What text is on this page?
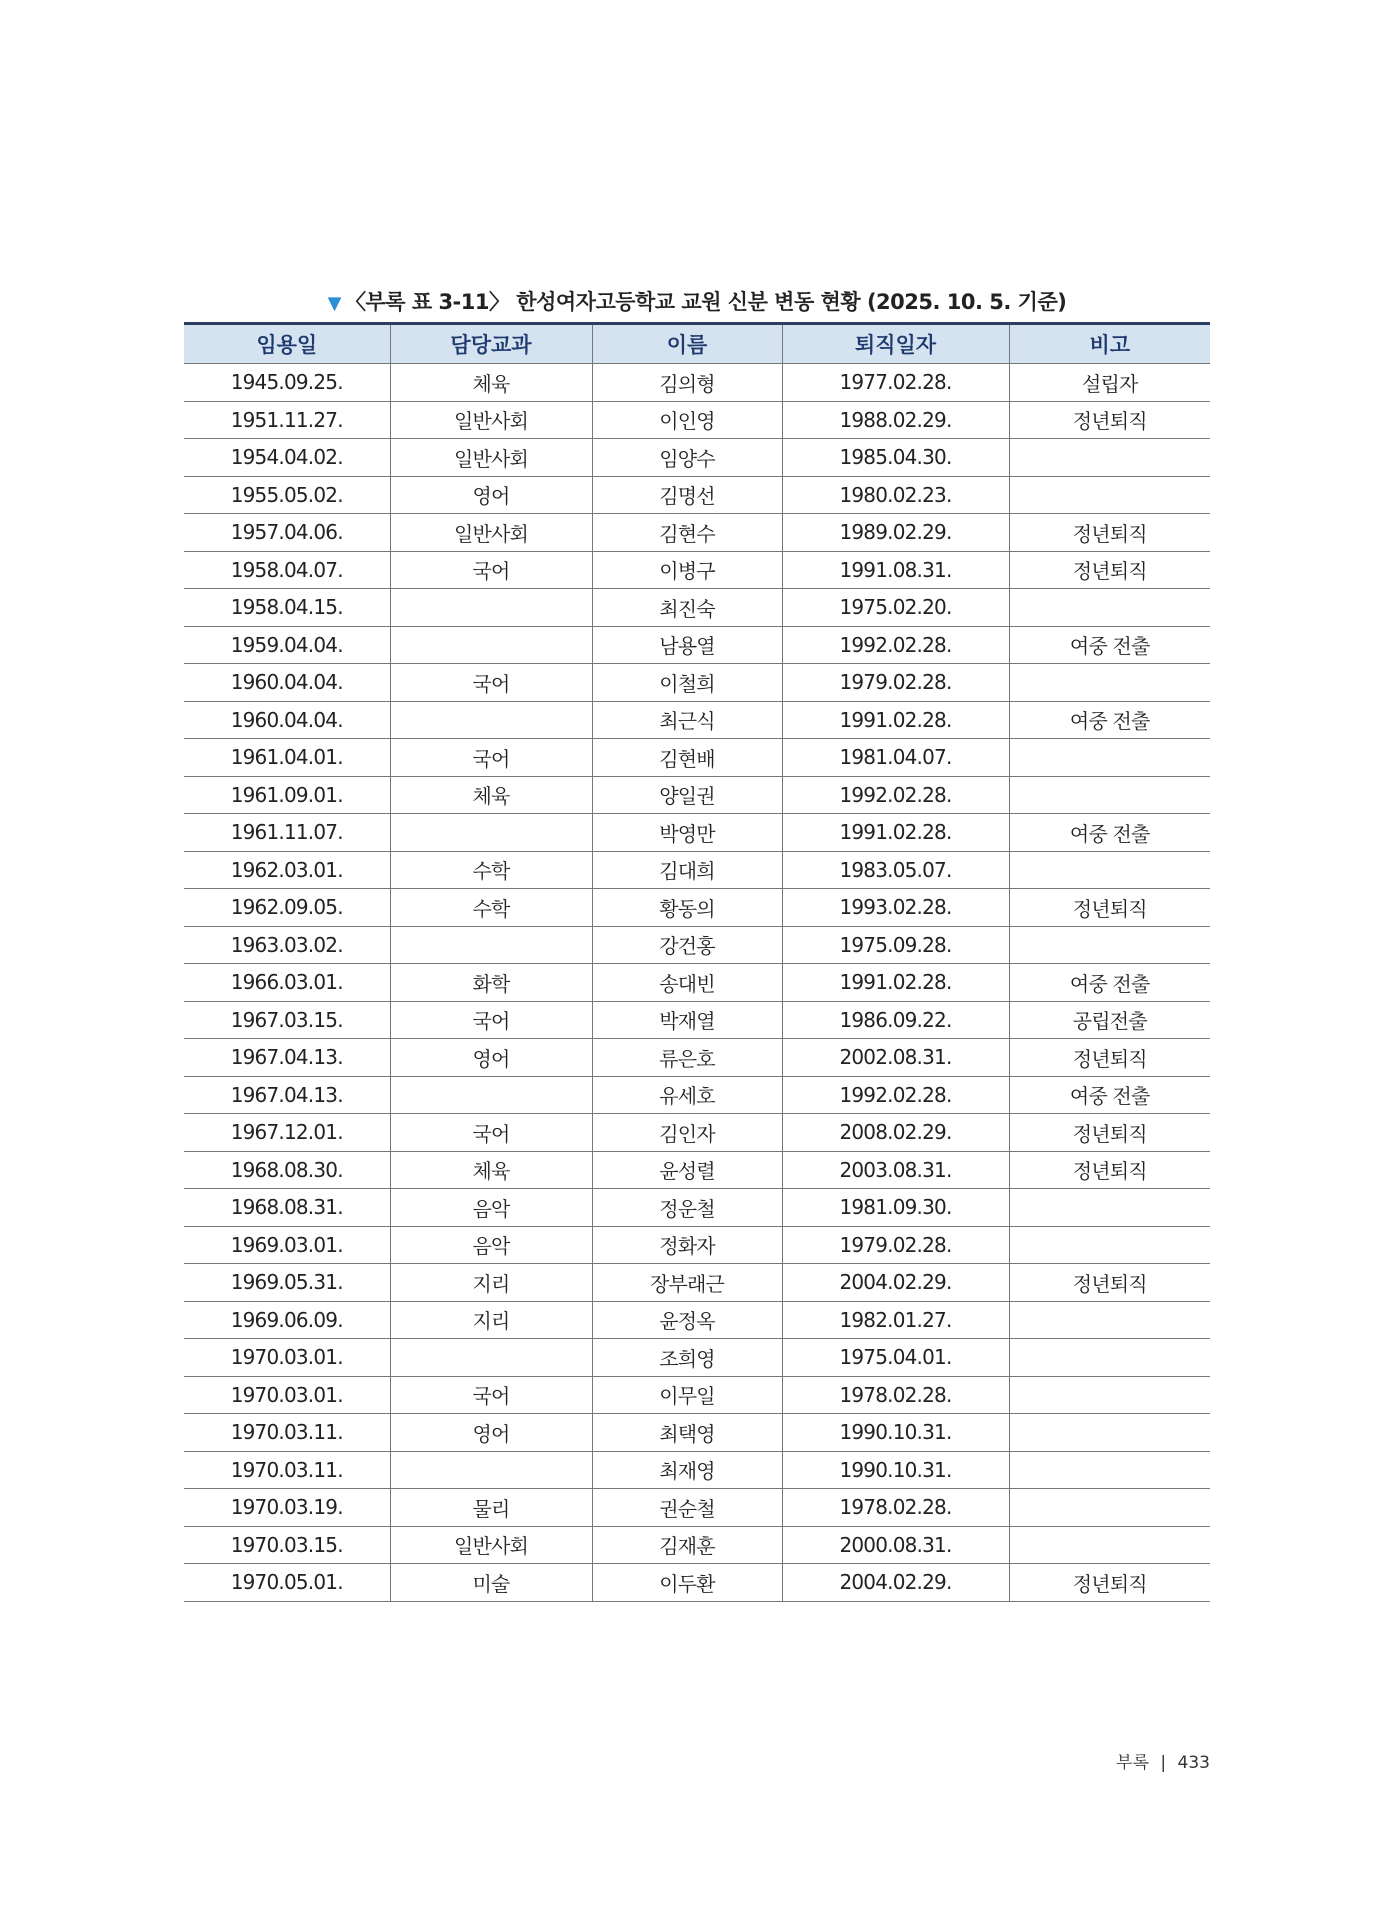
▼ 〈부록 표 3-11〉 한성여자고등학교 교원 신분 변동 현황 (2025. 10. 5. 기준)
임용일	담당교과	이름	퇴직일자	비고
1945.09.25.	체육	김의형	1977.02.28.	설립자
1951.11.27.	일반사회	이인영	1988.02.29.	정년퇴직
1954.04.02.	일반사회	임양수	1985.04.30.	
1955.05.02.	영어	김명선	1980.02.23.	
1957.04.06.	일반사회	김현수	1989.02.29.	정년퇴직
1958.04.07.	국어	이병구	1991.08.31.	정년퇴직
1958.04.15.		최진숙	1975.02.20.	
1959.04.04.		남용열	1992.02.28.	여중 전출
1960.04.04.	국어	이철희	1979.02.28.	
1960.04.04.		최근식	1991.02.28.	여중 전출
1961.04.01.	국어	김현배	1981.04.07.	
1961.09.01.	체육	양일권	1992.02.28.	
1961.11.07.		박영만	1991.02.28.	여중 전출
1962.03.01.	수학	김대희	1983.05.07.	
1962.09.05.	수학	황동의	1993.02.28.	정년퇴직
1963.03.02.		강건홍	1975.09.28.	
1966.03.01.	화학	송대빈	1991.02.28.	여중 전출
1967.03.15.	국어	박재열	1986.09.22.	공립전출
1967.04.13.	영어	류은호	2002.08.31.	정년퇴직
1967.04.13.		유세호	1992.02.28.	여중 전출
1967.12.01.	국어	김인자	2008.02.29.	정년퇴직
1968.08.30.	체육	윤성렬	2003.08.31.	정년퇴직
1968.08.31.	음악	정운철	1981.09.30.	
1969.03.01.	음악	정화자	1979.02.28.	
1969.05.31.	지리	장부래근	2004.02.29.	정년퇴직
1969.06.09.	지리	윤정옥	1982.01.27.	
1970.03.01.		조희영	1975.04.01.	
1970.03.01.	국어	이무일	1978.02.28.	
1970.03.11.	영어	최택영	1990.10.31.	
1970.03.11.		최재영	1990.10.31.	
1970.03.19.	물리	권순철	1978.02.28.	
1970.03.15.	일반사회	김재훈	2000.08.31.	
1970.05.01.	미술	이두환	2004.02.29.	정년퇴직
부록 | 433
